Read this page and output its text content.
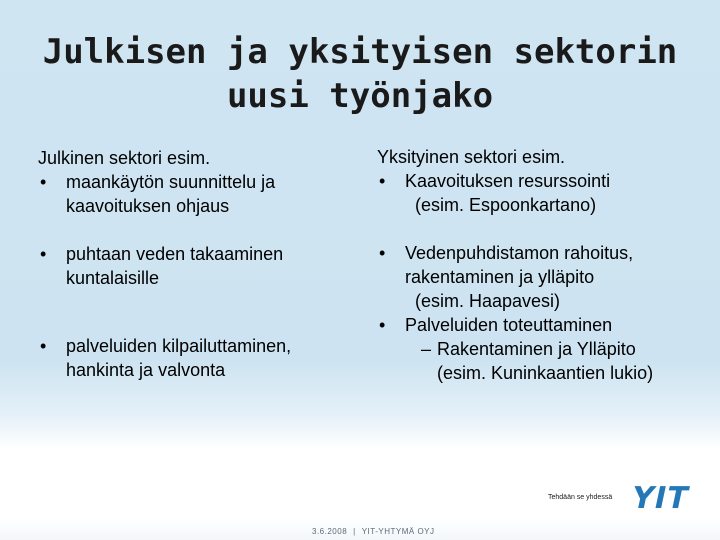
Julkisen ja yksityisen sektorin
uusi työnjako
Julkinen sektori esim.
• maankäytön suunnittelu ja
kaavoituksen ohjaus
• puhtaan veden takaaminen
kuntalaisille
• palveluiden kilpailuttaminen,
hankinta ja valvonta
Yksityinen sektori esim.
• Kaavoituksen resurssointi
(esim. Espoonkartano)
• Vedenpuhdistamon rahoitus,
rakentaminen ja ylläpito
(esim. Haapavesi)
• Palveluiden toteuttaminen
– Rakentaminen ja Ylläpito
(esim. Kuninkaantien lukio)
3.6.2008 | YIT-YHTYMÄ OYJ
Tehdään se yhdessä YIT
